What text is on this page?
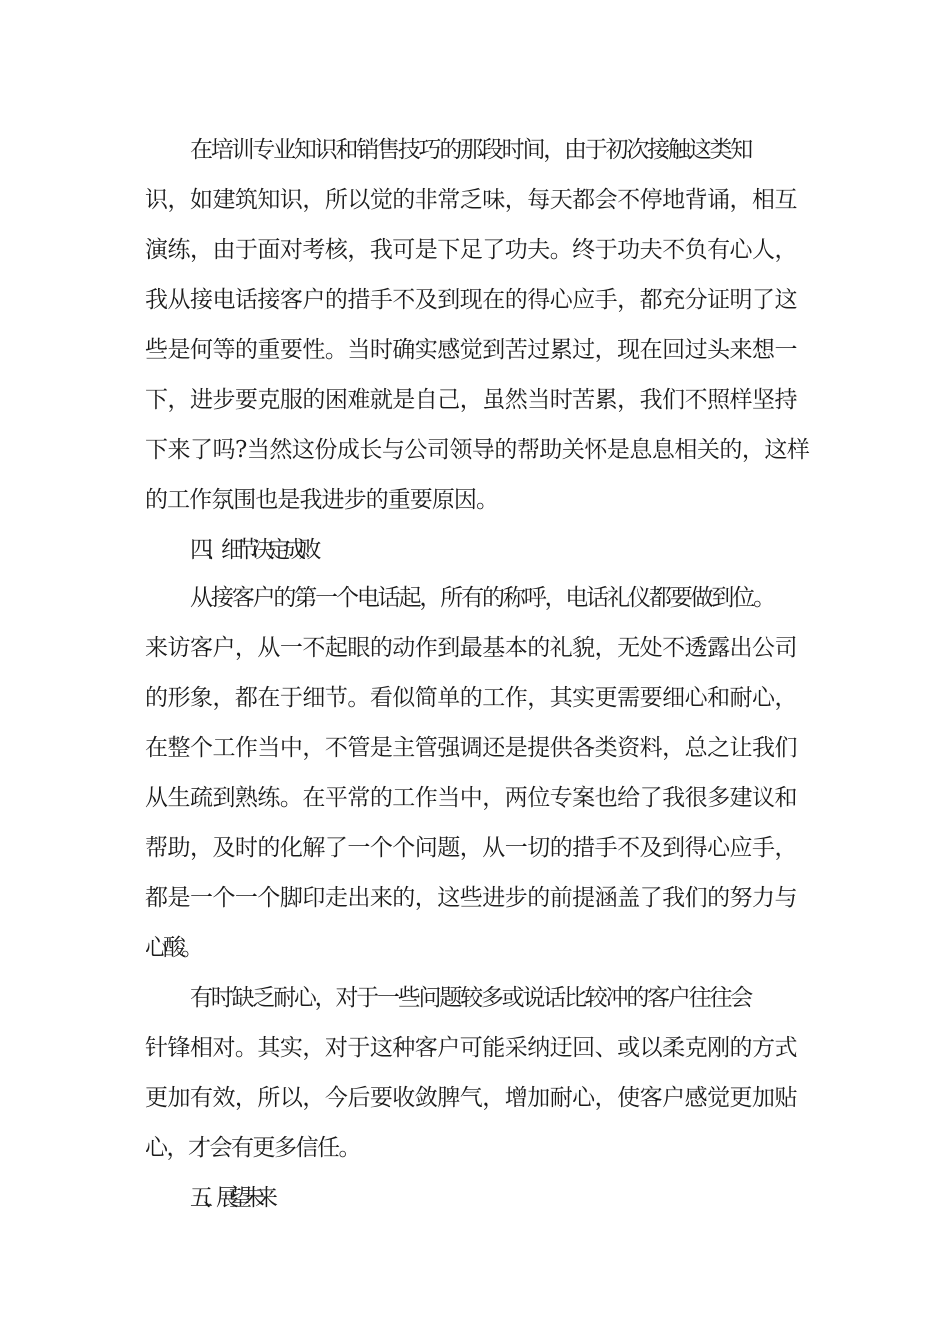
在培训专业知识和销售技巧的那段时间，由于初次接触这类知
识，如建筑知识，所以觉的非常乏味，每天都会不停地背诵，相互
演练，由于面对考核，我可是下足了功夫。终于功夫不负有心人，
我从接电话接客户的措手不及到现在的得心应手，都充分证明了这
些是何等的重要性。当时确实感觉到苦过累过，现在回过头来想一
下，进步要克服的困难就是自己，虽然当时苦累，我们不照样坚持
下来了吗?当然这份成长与公司领导的帮助关怀是息息相关的，这样
的工作氛围也是我进步的重要原因。
四、细节决定成败
从接客户的第一个电话起，所有的称呼，电话礼仪都要做到位。
来访客户，从一不起眼的动作到最基本的礼貌，无处不透露出公司
的形象，都在于细节。看似简单的工作，其实更需要细心和耐心，
在整个工作当中，不管是主管强调还是提供各类资料，总之让我们
从生疏到熟练。在平常的工作当中，两位专案也给了我很多建议和
帮助，及时的化解了一个个问题，从一切的措手不及到得心应手，
都是一个一个脚印走出来的，这些进步的前提涵盖了我们的努力与
心酸。
有时缺乏耐心，对于一些问题较多或说话比较冲的客户往往会
针锋相对。其实，对于这种客户可能采纳迂回、或以柔克刚的方式
更加有效，所以，今后要收敛脾气，增加耐心，使客户感觉更加贴
心，才会有更多信任。
五、展望未来
